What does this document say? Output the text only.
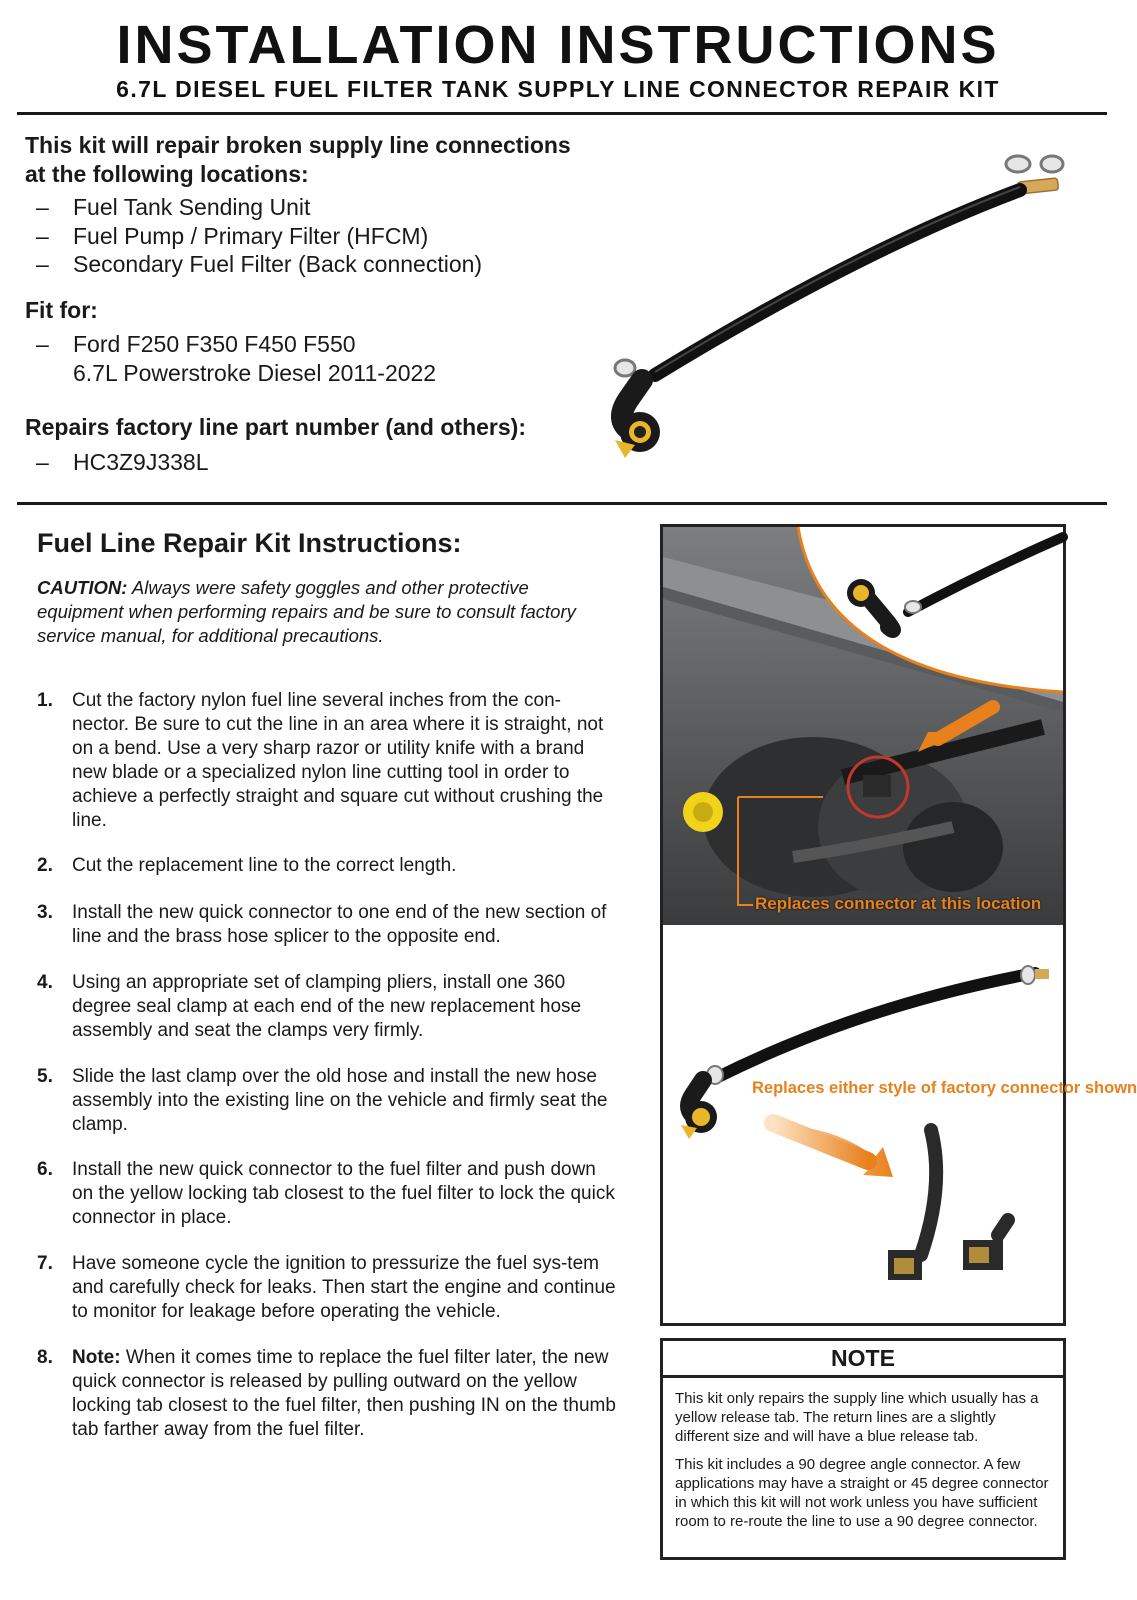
INSTALLATION INSTRUCTIONS
6.7L DIESEL FUEL FILTER TANK SUPPLY LINE CONNECTOR REPAIR KIT
This kit will repair broken supply line connections
at the following locations:
– Fuel Tank Sending Unit
– Fuel Pump / Primary Filter (HFCM)
– Secondary Fuel Filter (Back connection)
Fit for:
– Ford F250 F350 F450 F550
6.7L Powerstroke Diesel 2011-2022
Repairs factory line part number (and others):
– HC3Z9J338L
Fuel Line Repair Kit Instructions:
CAUTION: Always were safety goggles and other protective equipment when performing repairs and be sure to consult factory service manual, for additional precautions.
1. Cut the factory nylon fuel line several inches from the con-nector. Be sure to cut the line in an area where it is straight, not on a bend. Use a very sharp razor or utility knife with a brand new blade or a specialized nylon line cutting tool in order to achieve a perfectly straight and square cut without crushing the line.
2. Cut the replacement line to the correct length.
3. Install the new quick connector to one end of the new section of line and the brass hose splicer to the opposite end.
4. Using an appropriate set of clamping pliers, install one 360 degree seal clamp at each end of the new replacement hose assembly and seat the clamps very firmly.
5. Slide the last clamp over the old hose and install the new hose assembly into the existing line on the vehicle and firmly seat the clamp.
6. Install the new quick connector to the fuel filter and push down on the yellow locking tab closest to the fuel filter to lock the quick connector in place.
7. Have someone cycle the ignition to pressurize the fuel sys-tem and carefully check for leaks. Then start the engine and continue to monitor for leakage before operating the vehicle.
8. Note: When it comes time to replace the fuel filter later, the new quick connector is released by pulling outward on the yellow locking tab closest to the fuel filter, then pushing IN on the thumb tab farther away from the fuel filter.
Replaces connector at this location
Replaces either style of factory connector shown
NOTE
This kit only repairs the supply line which usually has a yellow release tab. The return lines are a slightly different size and will have a blue release tab.
This kit includes a 90 degree angle connector. A few applications may have a straight or 45 degree connector in which this kit will not work unless you have sufficient room to re-route the line to use a 90 degree connector.
